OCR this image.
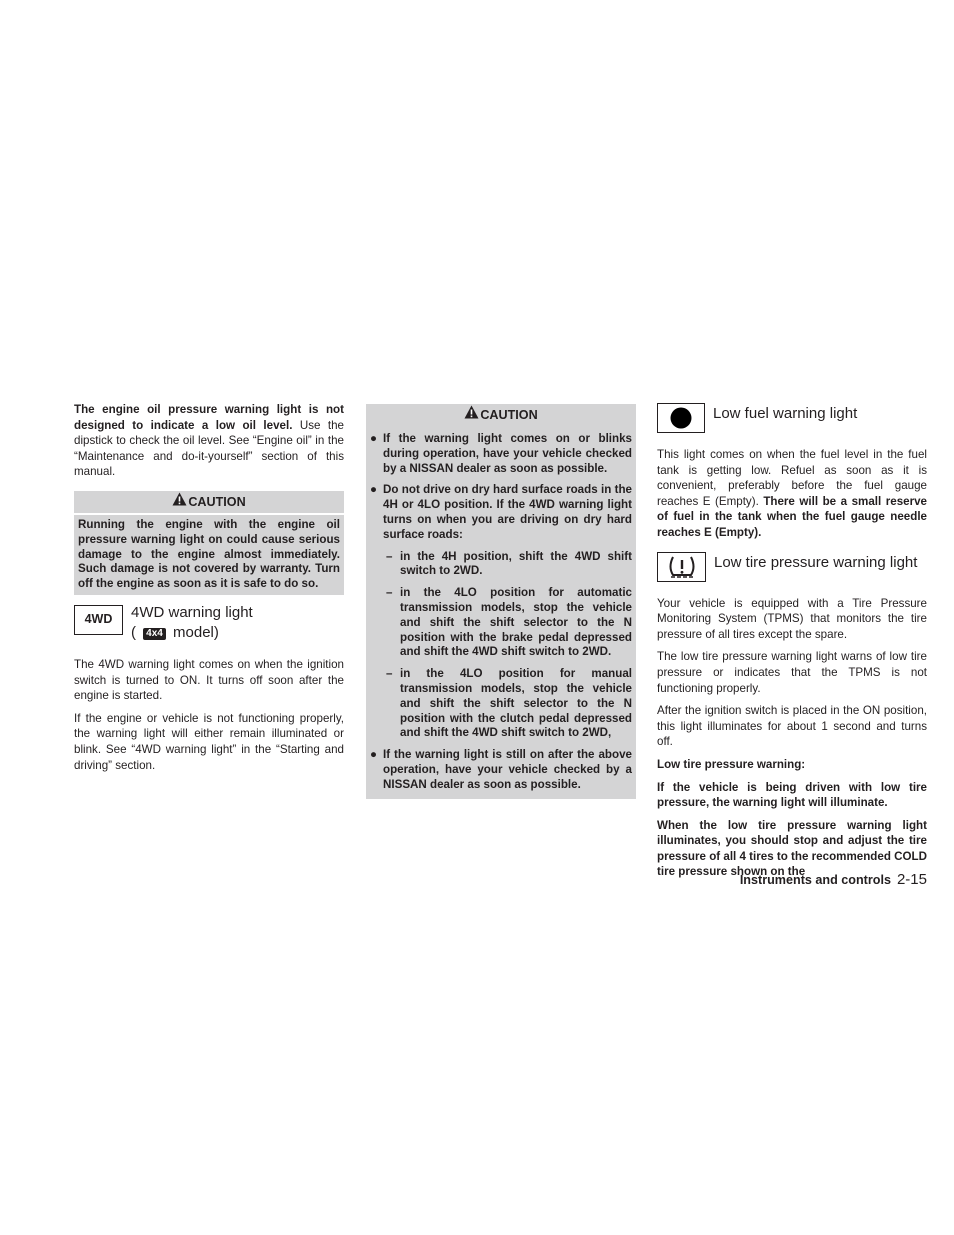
The engine oil pressure warning light is not designed to indicate a low oil level. Use the dipstick to check the oil level. See “Engine oil” in the “Maintenance and do-it-yourself” section of this manual.

CAUTION
Running the engine with the engine oil pressure warning light on could cause serious damage to the engine almost immediately. Such damage is not covered by warranty. Turn off the engine as soon as it is safe to do so.
4WD	4WD warning light
( 4x4 model)

The 4WD warning light comes on when the ignition switch is turned to ON. It turns off soon after the engine is started.

If the engine or vehicle is not functioning properly, the warning light will either remain illuminated or blink. See “4WD warning light” in the “Starting and driving” section.

CAUTION
● If the warning light comes on or blinks during operation, have your vehicle checked by a NISSAN dealer as soon as possible.
● Do not drive on dry hard surface roads in the 4H or 4LO position. If the 4WD warning light turns on when you are driving on dry hard surface roads:
– in the 4H position, shift the 4WD shift switch to 2WD.
– in the 4LO position for automatic transmission models, stop the vehicle and shift the shift selector to the N position with the brake pedal depressed and shift the 4WD shift switch to 2WD.
– in the 4LO position for manual transmission models, stop the vehicle and shift the shift selector to the N position with the clutch pedal depressed and shift the 4WD shift switch to 2WD,
● If the warning light is still on after the above operation, have your vehicle checked by a NISSAN dealer as soon as possible.
Low fuel warning light

This light comes on when the fuel level in the fuel tank is getting low. Refuel as soon as it is convenient, preferably before the fuel gauge reaches E (Empty). There will be a small reserve of fuel in the tank when the fuel gauge needle reaches E (Empty).

Low tire pressure warning light

Your vehicle is equipped with a Tire Pressure Monitoring System (TPMS) that monitors the tire pressure of all tires except the spare.

The low tire pressure warning light warns of low tire pressure or indicates that the TPMS is not functioning properly.

After the ignition switch is placed in the ON position, this light illuminates for about 1 second and turns off.

Low tire pressure warning:

If the vehicle is being driven with low tire pressure, the warning light will illuminate.

When the low tire pressure warning light illuminates, you should stop and adjust the tire pressure of all 4 tires to the recommended COLD tire pressure shown on the

Instruments and controls 2-15
